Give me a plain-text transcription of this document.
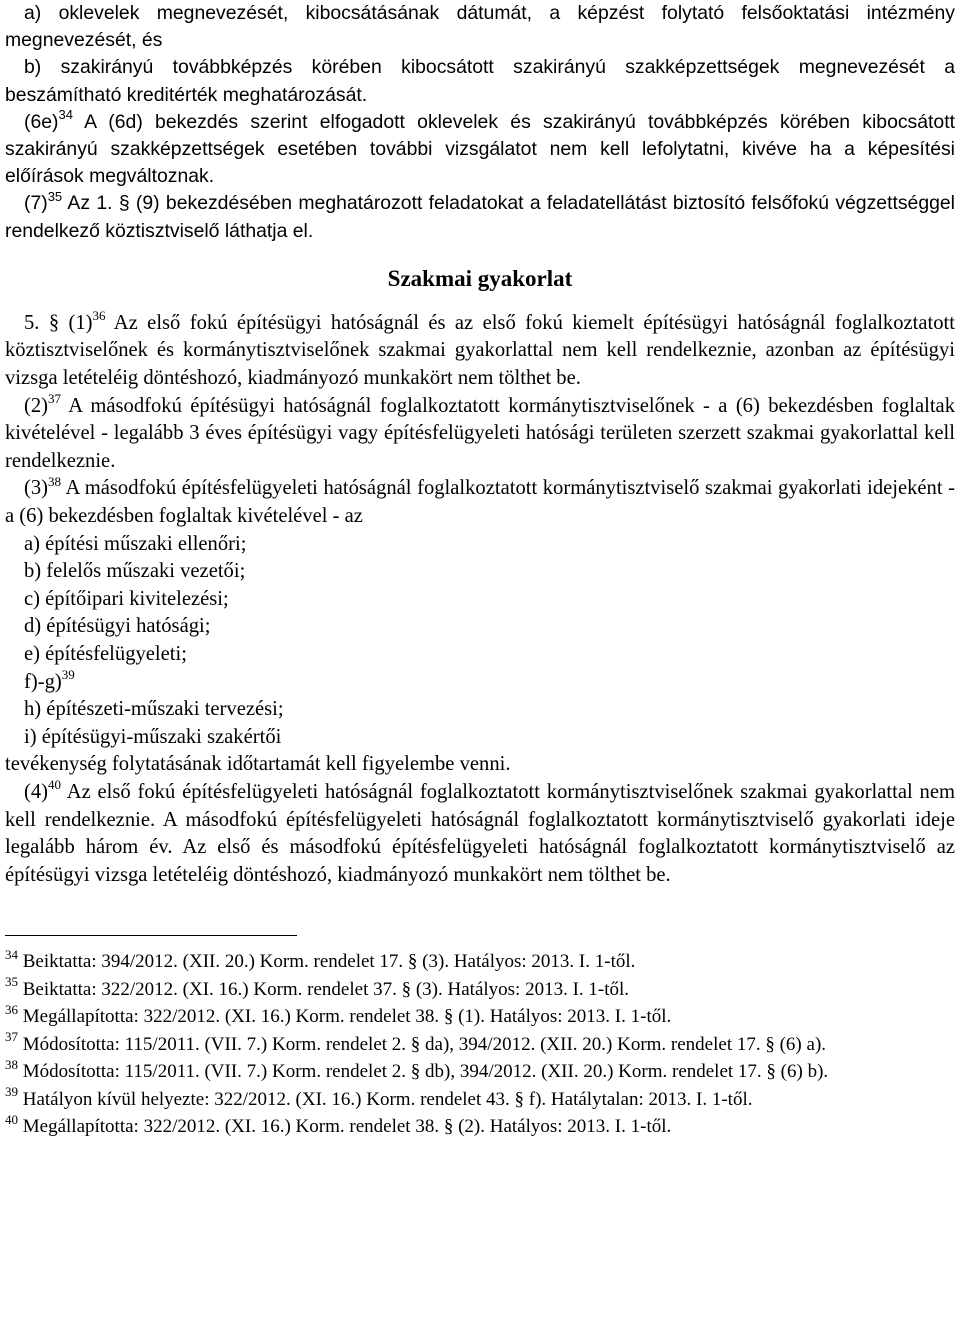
a) oklevelek megnevezését, kibocsátásának dátumát, a képzést folytató felsőoktatási intézmény megnevezését, és
b) szakirányú továbbképzés körében kibocsátott szakirányú szakképzettségek megnevezését a beszámítható kreditérték meghatározását.
$(6e)^{34}$ A (6d) bekezdés szerint elfogadott oklevelek és szakirányú továbbképzés körében kibocsátott szakirányú szakképzettségek esetében további vizsgálatot nem kell lefolytatni, kivéve ha a képesítési előírások megváltoznak.
$(7)^{35}$ Az 1. § (9) bekezdésében meghatározott feladatokat a feladatellátást biztosító felsőfokú végzettséggel rendelkező köztisztviselő láthatja el.
Szakmai gyakorlat
5. § $(1)^{36}$ Az első fokú építésügyi hatóságnál és az első fokú kiemelt építésügyi hatóságnál foglalkoztatott köztisztviselőnek és kormánytisztviselőnek szakmai gyakorlattal nem kell rendelkeznie, azonban az építésügyi vizsga letételéig döntéshozó, kiadmányozó munkakört nem tölthet be.
$(2)^{37}$ A másodfokú építésügyi hatóságnál foglalkoztatott kormánytisztviselőnek - a (6) bekezdésben foglaltak kivételével - legalább 3 éves építésügyi vagy építésfelügyeleti hatósági területen szerzett szakmai gyakorlattal kell rendelkeznie.
$(3)^{38}$ A másodfokú építésfelügyeleti hatóságnál foglalkoztatott kormánytisztviselő szakmai gyakorlati idejeként - a (6) bekezdésben foglaltak kivételével - az
a) építési műszaki ellenőri;
b) felelős műszaki vezetői;
c) építőipari kivitelezési;
d) építésügyi hatósági;
e) építésfelügyeleti;
f)-g)$^{39}$
h) építészeti-műszaki tervezési;
i) építésügyi-műszaki szakértői
tevékenység folytatásának időtartamát kell figyelembe venni.
$(4)^{40}$ Az első fokú építésfelügyeleti hatóságnál foglalkoztatott kormánytisztviselőnek szakmai gyakorlattal nem kell rendelkeznie. A másodfokú építésfelügyeleti hatóságnál foglalkoztatott kormánytisztviselő gyakorlati ideje legalább három év. Az első és másodfokú építésfelügyeleti hatóságnál foglalkoztatott kormánytisztviselő az építésügyi vizsga letételéig döntéshozó, kiadmányozó munkakört nem tölthet be.
$^{34}$ Beiktatta: 394/2012. (XII. 20.) Korm. rendelet 17. § (3). Hatályos: 2013. I. 1-től.
$^{35}$ Beiktatta: 322/2012. (XI. 16.) Korm. rendelet 37. § (3). Hatályos: 2013. I. 1-től.
$^{36}$ Megállapította: 322/2012. (XI. 16.) Korm. rendelet 38. § (1). Hatályos: 2013. I. 1-től.
$^{37}$ Módosította: 115/2011. (VII. 7.) Korm. rendelet 2. § da), 394/2012. (XII. 20.) Korm. rendelet 17. § (6) a).
$^{38}$ Módosította: 115/2011. (VII. 7.) Korm. rendelet 2. § db), 394/2012. (XII. 20.) Korm. rendelet 17. § (6) b).
$^{39}$ Hatályon kívül helyezte: 322/2012. (XI. 16.) Korm. rendelet 43. § f). Hatálytalan: 2013. I. 1-től.
$^{40}$ Megállapította: 322/2012. (XI. 16.) Korm. rendelet 38. § (2). Hatályos: 2013. I. 1-től.
